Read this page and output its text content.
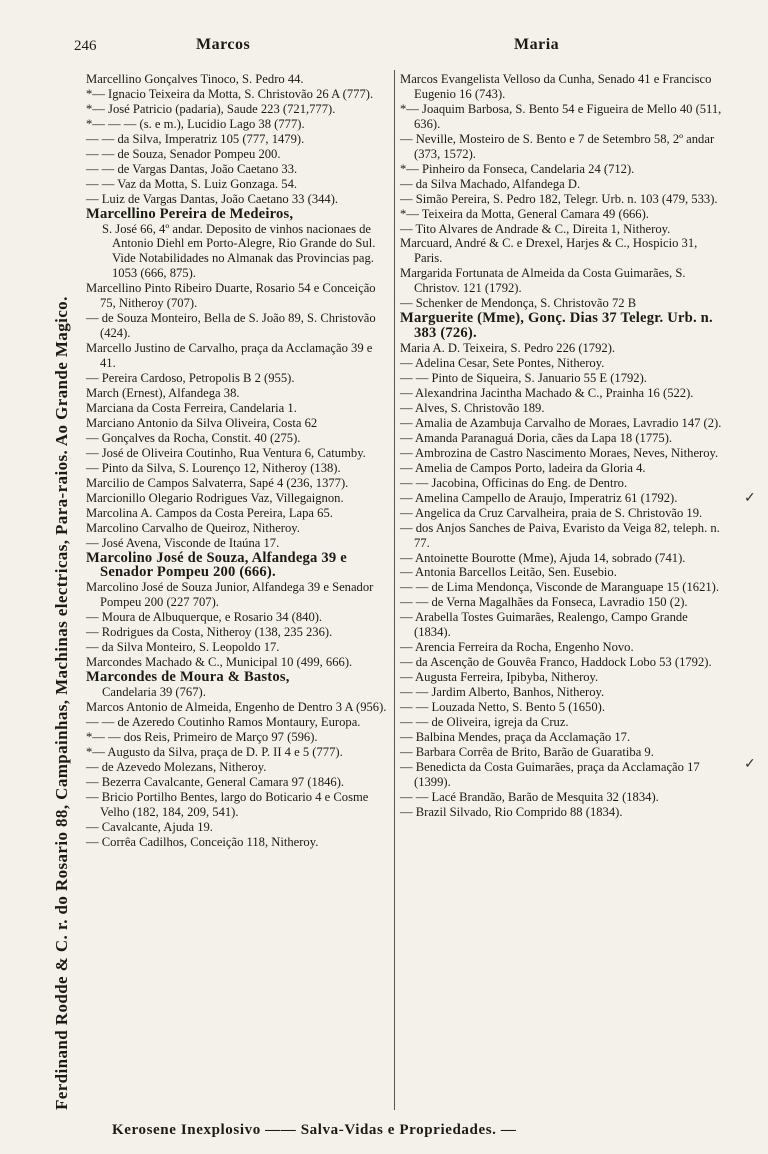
246	Marcos	Maria
Ferdinand Rodde & C. r. do Rosario 88, Campainhas, Machinas electricas, Para-raios. Ao Grande Magico.

Marcellino Gonçalves Tinoco, S. Pedro 44.

*— Ignacio Teixeira da Motta, S. Christovão 26 A (777).

*— José Patricio (padaria), Saude 223 (721,777).

*— — — (s. e m.), Lucidio Lago 38 (777).

— — da Silva, Imperatriz 105 (777, 1479).

— — de Souza, Senador Pompeu 200.

— — de Vargas Dantas, João Caetano 33.

— — Vaz da Motta, S. Luiz Gonzaga. 54.

— Luiz de Vargas Dantas, João Caetano 33 (344).

Marcellino Pereira de Medeiros,

S. José 66, 4º andar. Deposito de vinhos nacionaes de Antonio Diehl em Porto-Alegre, Rio Grande do Sul. Vide Notabilidades no Almanak das Provincias pag. 1053 (666, 875).

Marcellino Pinto Ribeiro Duarte, Rosario 54 e Conceição 75, Nitheroy (707).

— de Souza Monteiro, Bella de S. João 89, S. Christovão (424).

Marcello Justino de Carvalho, praça da Acclamação 39 e 41.

— Pereira Cardoso, Petropolis B 2 (955).

March (Ernest), Alfandega 38.

Marciana da Costa Ferreira, Candelaria 1.

Marciano Antonio da Silva Oliveira, Costa 62

— Gonçalves da Rocha, Constit. 40 (275).

— José de Oliveira Coutinho, Rua Ventura 6, Catumby.

— Pinto da Silva, S. Lourenço 12, Nitheroy (138).

Marcilio de Campos Salvaterra, Sapé 4 (236, 1377).

Marcionillo Olegario Rodrigues Vaz, Villegaignon.

Marcolina A. Campos da Costa Pereira, Lapa 65.

Marcolino Carvalho de Queiroz, Nitheroy.

— José Avena, Visconde de Itaúna 17.

Marcolino José de Souza, Alfandega 39 e Senador Pompeu 200 (666).

Marcolino José de Souza Junior, Alfandega 39 e Senador Pompeu 200 (227 707).

— Moura de Albuquerque, e Rosario 34 (840).

— Rodrigues da Costa, Nitheroy (138, 235 236).

— da Silva Monteiro, S. Leopoldo 17.

Marcondes Machado & C., Municipal 10 (499, 666).

Marcondes de Moura & Bastos,

Candelaria 39 (767).

Marcos Antonio de Almeida, Engenho de Dentro 3 A (956).

— — de Azeredo Coutinho Ramos Montaury, Europa.

*— — dos Reis, Primeiro de Março 97 (596).

*— Augusto da Silva, praça de D. P. II 4 e 5 (777).

— de Azevedo Molezans, Nitheroy.

— Bezerra Cavalcante, General Camara 97 (1846).

— Bricio Portilho Bentes, largo do Boticario 4 e Cosme Velho (182, 184, 209, 541).

— Cavalcante, Ajuda 19.

— Corrêa Cadilhos, Conceição 118, Nitheroy.

Marcos Evangelista Velloso da Cunha, Senado 41 e Francisco Eugenio 16 (743).

*— Joaquim Barbosa, S. Bento 54 e Figueira de Mello 40 (511, 636).

— Neville, Mosteiro de S. Bento e 7 de Setembro 58, 2º andar (373, 1572).

*— Pinheiro da Fonseca, Candelaria 24 (712).

— da Silva Machado, Alfandega D.

— Simão Pereira, S. Pedro 182, Telegr. Urb. n. 103 (479, 533).

*— Teixeira da Motta, General Camara 49 (666).

— Tito Alvares de Andrade & C., Direita 1, Nitheroy.

Marcuard, André & C. e Drexel, Harjes & C., Hospicio 31, Paris.

Margarida Fortunata de Almeida da Costa Guimarães, S. Christov. 121 (1792).

— Schenker de Mendonça, S. Christovão 72 B

Marguerite (Mme), Gonç. Dias 37 Telegr. Urb. n. 383 (726).

Maria A. D. Teixeira, S. Pedro 226 (1792).

— Adelina Cesar, Sete Pontes, Nitheroy.

— — Pinto de Siqueira, S. Januario 55 E (1792).

— Alexandrina Jacintha Machado & C., Prainha 16 (522).

— Alves, S. Christovão 189.

— Amalia de Azambuja Carvalho de Moraes, Lavradio 147 (2).

— Amanda Paranaguá Doria, cães da Lapa 18 (1775).

— Ambrozina de Castro Nascimento Moraes, Neves, Nitheroy.

— Amelia de Campos Porto, ladeira da Gloria 4.

— — Jacobina, Officinas do Eng. de Dentro.

— Amelina Campello de Araujo, Imperatriz 61 (1792).

— Angelica da Cruz Carvalheira, praia de S. Christovão 19.

— dos Anjos Sanches de Paiva, Evaristo da Veiga 82, teleph. n. 77.

— Antoinette Bourotte (Mme), Ajuda 14, sobrado (741).

— Antonia Barcellos Leitão, Sen. Eusebio.

— — de Lima Mendonça, Visconde de Maranguape 15 (1621).

— — de Verna Magalhães da Fonseca, Lavradio 150 (2).

— Arabella Tostes Guimarães, Realengo, Campo Grande (1834).

— Arencia Ferreira da Rocha, Engenho Novo.

— da Ascenção de Gouvêa Franco, Haddock Lobo 53 (1792).

— Augusta Ferreira, Ipibyba, Nitheroy.

— — Jardim Alberto, Banhos, Nitheroy.

— — Louzada Netto, S. Bento 5 (1650).

— — de Oliveira, igreja da Cruz.

— Balbina Mendes, praça da Acclamação 17.

— Barbara Corrêa de Brito, Barão de Guaratiba 9.

— Benedicta da Costa Guimarães, praça da Acclamação 17 (1399).

— — Lacé Brandão, Barão de Mesquita 32 (1834).

— Brazil Silvado, Rio Comprido 88 (1834).

Kerosene Inexplosivo —— Salva-Vidas e Propriedades. —
✓
✓
